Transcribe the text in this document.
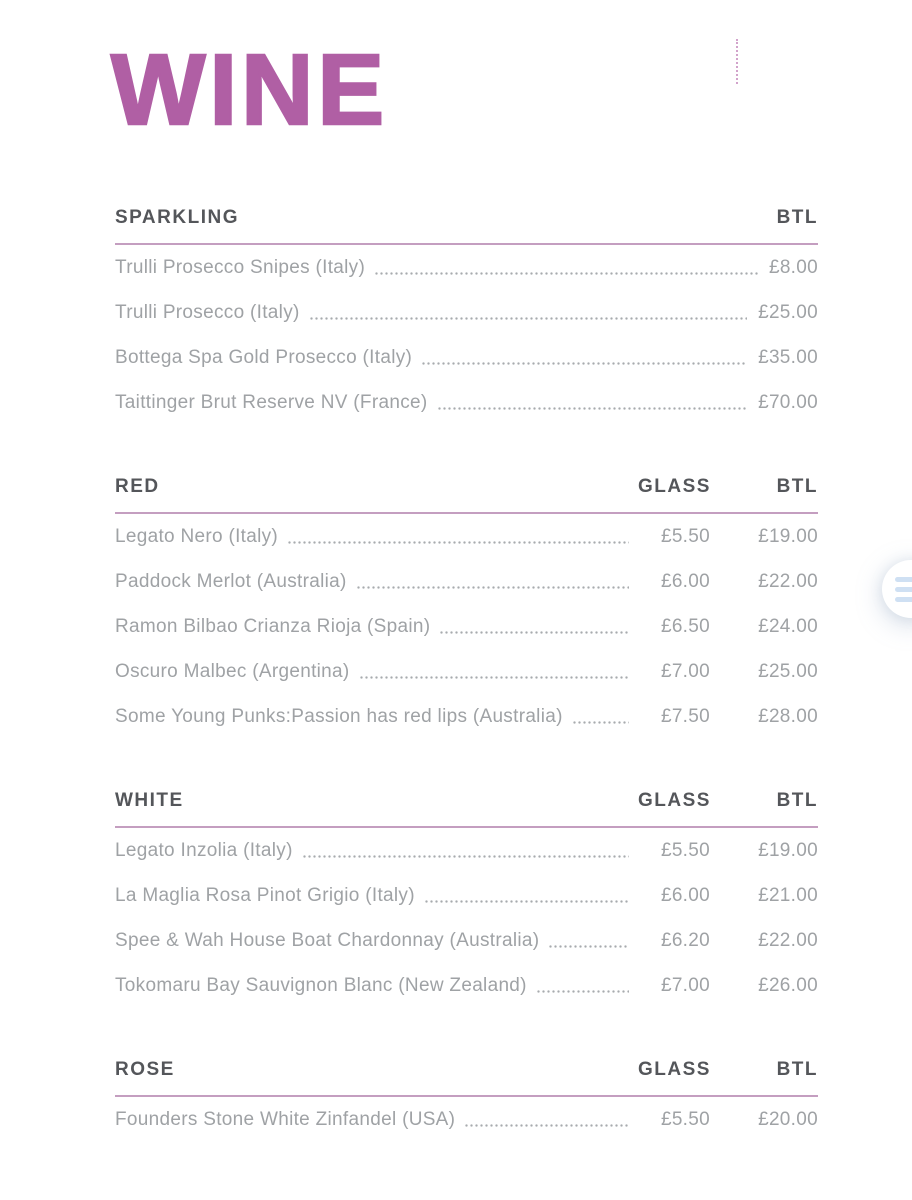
WINE
SPARKLING	BTL
Trulli Prosecco Snipes (Italy)	£8.00
Trulli Prosecco (Italy)	£25.00
Bottega Spa Gold Prosecco (Italy)	£35.00
Taittinger Brut Reserve NV (France)	£70.00
RED	GLASS	BTL
Legato Nero (Italy)	£5.50	£19.00
Paddock Merlot (Australia)	£6.00	£22.00
Ramon Bilbao Crianza Rioja (Spain)	£6.50	£24.00
Oscuro Malbec (Argentina)	£7.00	£25.00
Some Young Punks:Passion has red lips (Australia)	£7.50	£28.00
WHITE	GLASS	BTL
Legato Inzolia (Italy)	£5.50	£19.00
La Maglia Rosa Pinot Grigio (Italy)	£6.00	£21.00
Spee & Wah House Boat Chardonnay (Australia)	£6.20	£22.00
Tokomaru Bay Sauvignon Blanc (New Zealand)	£7.00	£26.00
ROSE	GLASS	BTL
Founders Stone White Zinfandel (USA)	£5.50	£20.00
